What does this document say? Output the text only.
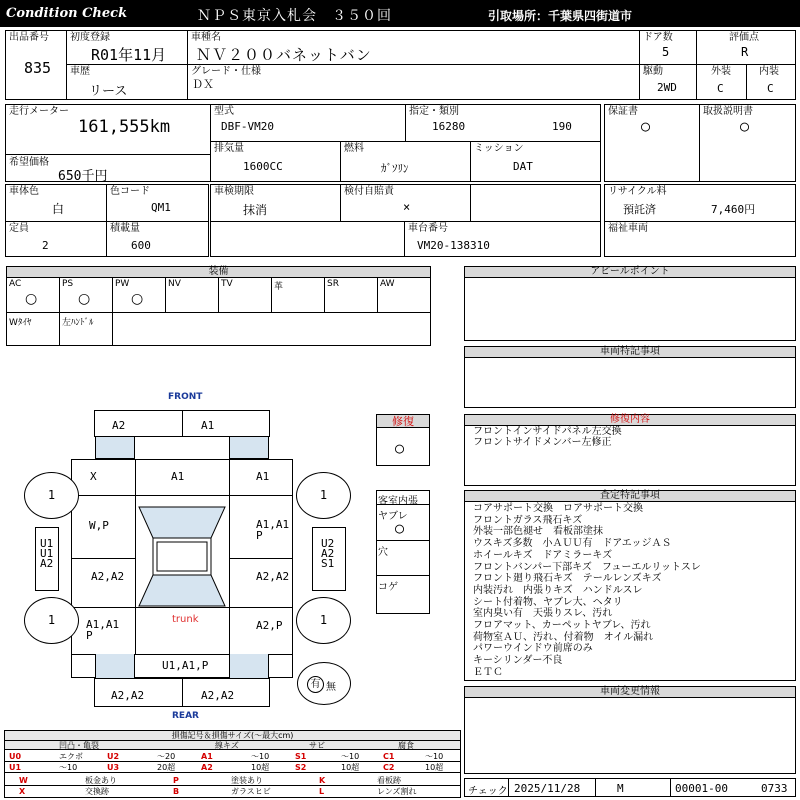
Condition Check	ＮＰＳ東京入札会　３５０回	引取場所：千葉県四街道市
出品番号
835
初度登録
R01年11月
車種名
ＮＶ２００バネットバン
ドア数
5
評価点
R
車歴
リース
グレード・仕様
ＤＸ
駆動
2WD
外装
C
内装
C
走行メーター
161,555km
希望価格
650千円
型式
DBF-VM20
指定・類別
16280	190
保証書
○
取扱説明書
○
排気量
1600CC
燃料
ｶﾞｿﾘﾝ
ミッション
DAT
車体色
白
色コード
QM1
車検期限
抹消
検付自賠責
×
リサイクル料
預託済	7,460円
定員
2
積載量
600
車台番号
VM20-138310
福祉車両
装備
AC
○
PS
○
PW
○
NV	TV	革	SR	AW
Wﾀｲﾔ	左ﾊﾝﾄﾞﾙ
アピールポイント
車両特記事項
修復内容
フロントインサイドパネル左交換
フロントサイドメンバー左修正
査定特記事項
コアサポート交換　ロアサポート交換
フロントガラス飛石キズ
外装一部色褪せ　看板部塗抹
ウスキズ多数　小ＡＵＵ有　ドアエッジＡＳ
ホイールキズ　ドアミラーキズ
フロントバンパー下部キズ　フューエルリットスレ
フロント廻り飛石キズ　テールレンズキズ
内装汚れ　内張りキズ　ハンドルスレ
シート付着物、ヤブレ大、ヘタリ
室内臭い有　天張りスレ、汚れ
フロアマット、カーペットヤブレ、汚れ
荷物室ＡＵ、汚れ、付着物　オイル漏れ
パワーウインドウ前席のみ
キーシリンダー不良
ＥＴＣ
車両変更情報
修復
○
客室内張
ヤブレ
○
穴
コゲ
FRONT
REAR
A2	A1
X	A1	A1
W,P	A1,A1
P
A2,A2	A2,A2
A1,A1
P
trunk	A2,P
U1,A1,P
A2,A2	A2,A2
U1
U1
A2
U2
A2
S1
1	1
1	1
有 無
損傷記号＆損傷サイズ(〜最大cm)
凹凸・亀裂	線キズ	サビ	腐食
U0	エクボ	U2	〜20	A1	〜10	S1	〜10	C1	〜10
U1	〜10	U3	20超	A2	10超	S2	10超	C2	10超
W	板金あり	P	塗装あり	K	看板跡
X	交換跡	B	ガラスヒビ	L	レンズ割れ	チェック 2025/11/28	M	00001-00	0733
